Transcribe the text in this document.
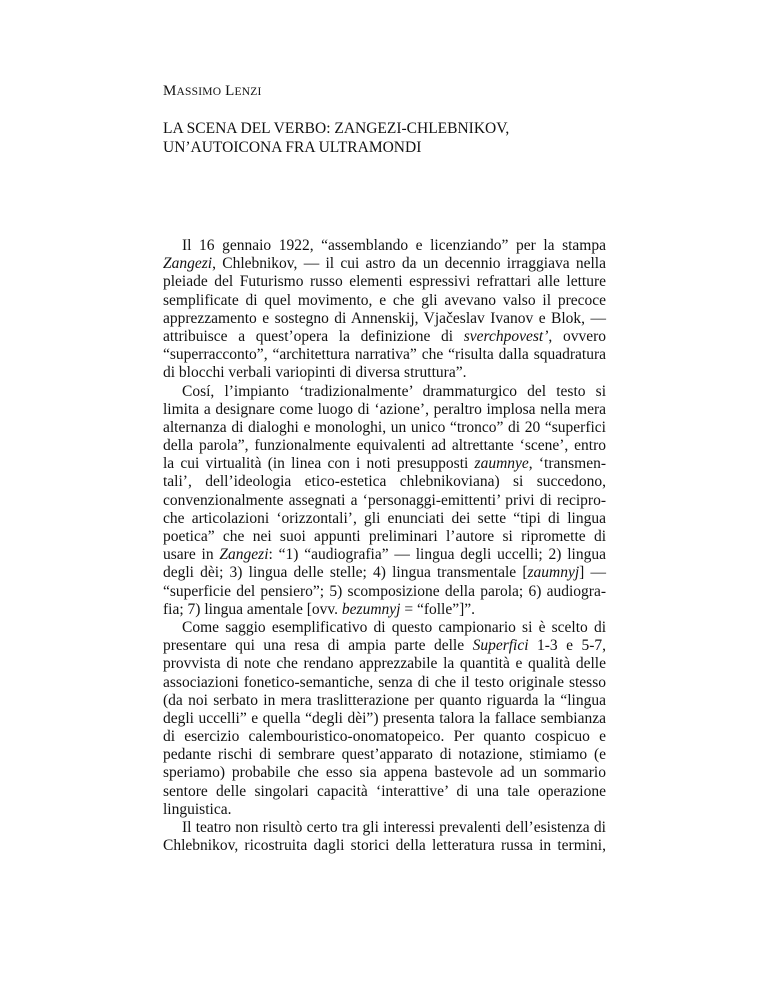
MASSIMO LENZI
LA SCENA DEL VERBO: ZANGEZI-CHLEBNIKOV,
UN’AUTOICONA FRA ULTRAMONDI
Il 16 gennaio 1922, “assemblando e licenziando” per la stampa
Zangezi, Chlebnikov, — il cui astro da un decennio irraggiava nella
pleiade del Futurismo russo elementi espressivi refrattari alle letture
semplificate di quel movimento, e che gli avevano valso il precoce
apprezzamento e sostegno di Annenskij, Vjačeslav Ivanov e Blok, —
attribuisce a quest’opera la definizione di sverchpovest’, ovvero
“superracconto”, “architettura narrativa” che “risulta dalla squadratura
di blocchi verbali variopinti di diversa struttura”.
Cosí, l’impianto ‘tradizionalmente’ drammaturgico del testo si
limita a designare come luogo di ‘azione’, peraltro implosa nella mera
alternanza di dialoghi e monologhi, un unico “tronco” di 20 “superfici
della parola”, funzionalmente equivalenti ad altrettante ‘scene’, entro
la cui virtualità (in linea con i noti presupposti zaumnye, ‘transmen-
tali’, dell’ideologia etico-estetica chlebnikoviana) si succedono,
convenzionalmente assegnati a ‘personaggi-emittenti’ privi di recipro-
che articolazioni ‘orizzontali’, gli enunciati dei sette “tipi di lingua
poetica” che nei suoi appunti preliminari l’autore si ripromette di
usare in Zangezi: “1) “audiografia” — lingua degli uccelli; 2) lingua
degli dèi; 3) lingua delle stelle; 4) lingua transmentale [zaumnyj] —
“superficie del pensiero”; 5) scomposizione della parola; 6) audiogra-
fia; 7) lingua amentale [ovv. bezumnyj = “folle”]”.
Come saggio esemplificativo di questo campionario si è scelto di
presentare qui una resa di ampia parte delle Superfici 1-3 e 5-7,
provvista di note che rendano apprezzabile la quantità e qualità delle
associazioni fonetico-semantiche, senza di che il testo originale stesso
(da noi serbato in mera traslitterazione per quanto riguarda la “lingua
degli uccelli” e quella “degli dèi”) presenta talora la fallace sembianza
di esercizio calembouristico-onomatopeico. Per quanto cospicuo e
pedante rischi di sembrare quest’apparato di notazione, stimiamo (e
speriamo) probabile che esso sia appena bastevole ad un sommario
sentore delle singolari capacità ‘interattive’ di una tale operazione
linguistica.
Il teatro non risultò certo tra gli interessi prevalenti dell’esistenza di
Chlebnikov, ricostruita dagli storici della letteratura russa in termini,
